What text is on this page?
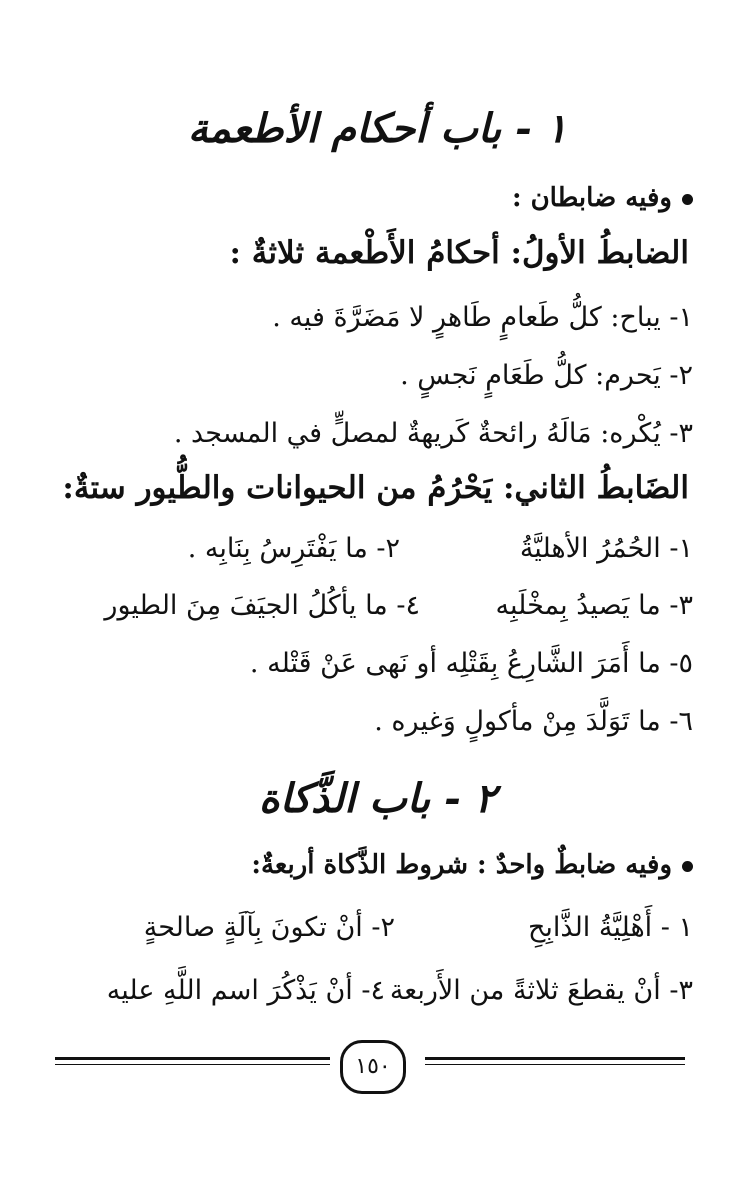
١ - باب أحكام الأطعمة
وفيه ضابطان :
الضابطُ الأولُ: أحكامُ الأَطْعمة ثلاثةٌ :
١- يباح: كلُّ طَعامٍ طَاهرٍ لا مَضَرَّةَ فيه .
٢- يَحرم: كلُّ طَعَامٍ نَجسٍ .
٣- يُكْره: مَالَهُ رائحةٌ كَريهةٌ لمصلٍّ في المسجد .
الضَابطُ الثاني: يَحْرُمُ من الحيوانات والطُّيور ستةٌ:
١- الحُمُرُ الأهليَّةُ
٢- ما يَفْتَرِسُ بِنَابِه .
٣- ما يَصيدُ بِمخْلَبِه
٤- ما يأكُلُ الجيَفَ مِنَ الطيور
٥- ما أَمَرَ الشَّارِعُ بِقَتْلِه أو نَهى عَنْ قَتْله .
٦- ما تَوَلَّدَ مِنْ مأكولٍ وَغيره .
٢ - باب الذَّكاة
وفيه ضابطٌ واحدٌ : شروط الذَّكاة أربعةٌ:
١ - أَهْلِيَّةُ الذَّابِحِ
٢- أنْ تكونَ بِآلَةٍ صالحةٍ
٣- أنْ يقطعَ ثلاثةً من الأَربعة
٤- أنْ يَذْكُرَ اسم اللَّهِ عليه
١٥٠
